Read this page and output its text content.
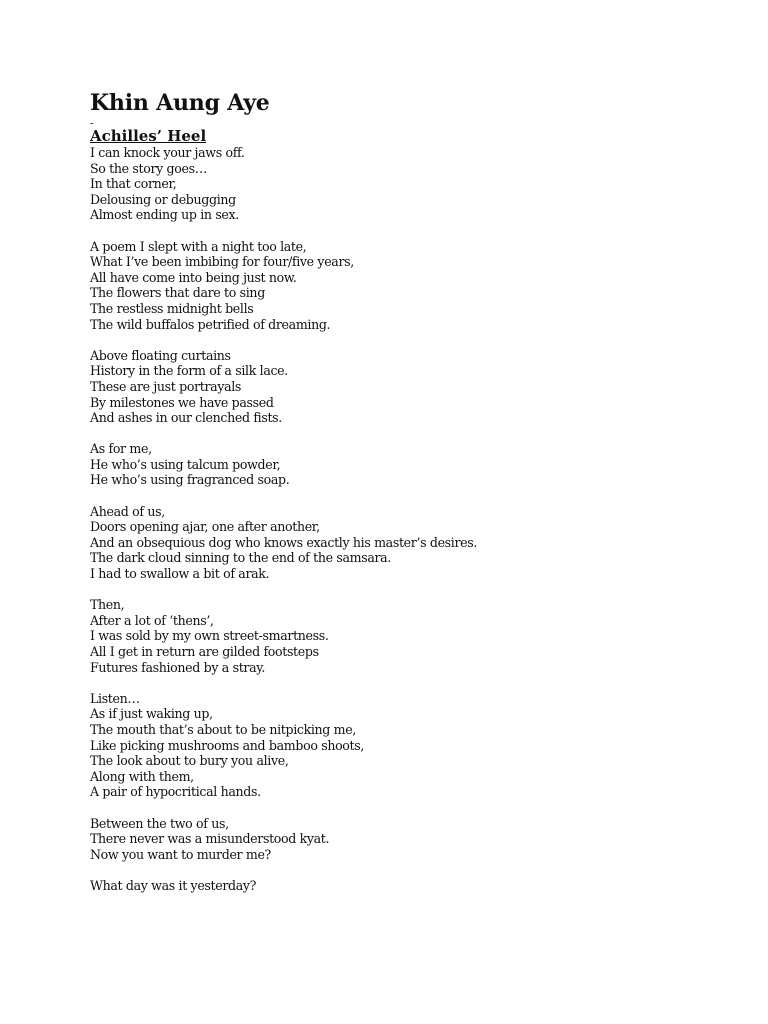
Khin Aung Aye
-
Achilles’ Heel
I can knock your jaws off.
So the story goes…
In that corner,
Delousing or debugging
Almost ending up in sex.
A poem I slept with a night too late,
What I’ve been imbibing for four/five years,
All have come into being just now.
The flowers that dare to sing
The restless midnight bells
The wild buffalos petrified of dreaming.
Above floating curtains
History in the form of a silk lace.
These are just portrayals
By milestones we have passed
And ashes in our clenched fists.
As for me,
He who’s using talcum powder,
He who’s using fragranced soap.
Ahead of us,
Doors opening ajar, one after another,
And an obsequious dog who knows exactly his master’s desires.
The dark cloud sinning to the end of the samsara.
I had to swallow a bit of arak.
Then,
After a lot of ‘thens’,
I was sold by my own street-smartness.
All I get in return are gilded footsteps
Futures fashioned by a stray.
Listen…
As if just waking up,
The mouth that’s about to be nitpicking me,
Like picking mushrooms and bamboo shoots,
The look about to bury you alive,
Along with them,
A pair of hypocritical hands.
Between the two of us,
There never was a misunderstood kyat.
Now you want to murder me?
What day was it yesterday?
